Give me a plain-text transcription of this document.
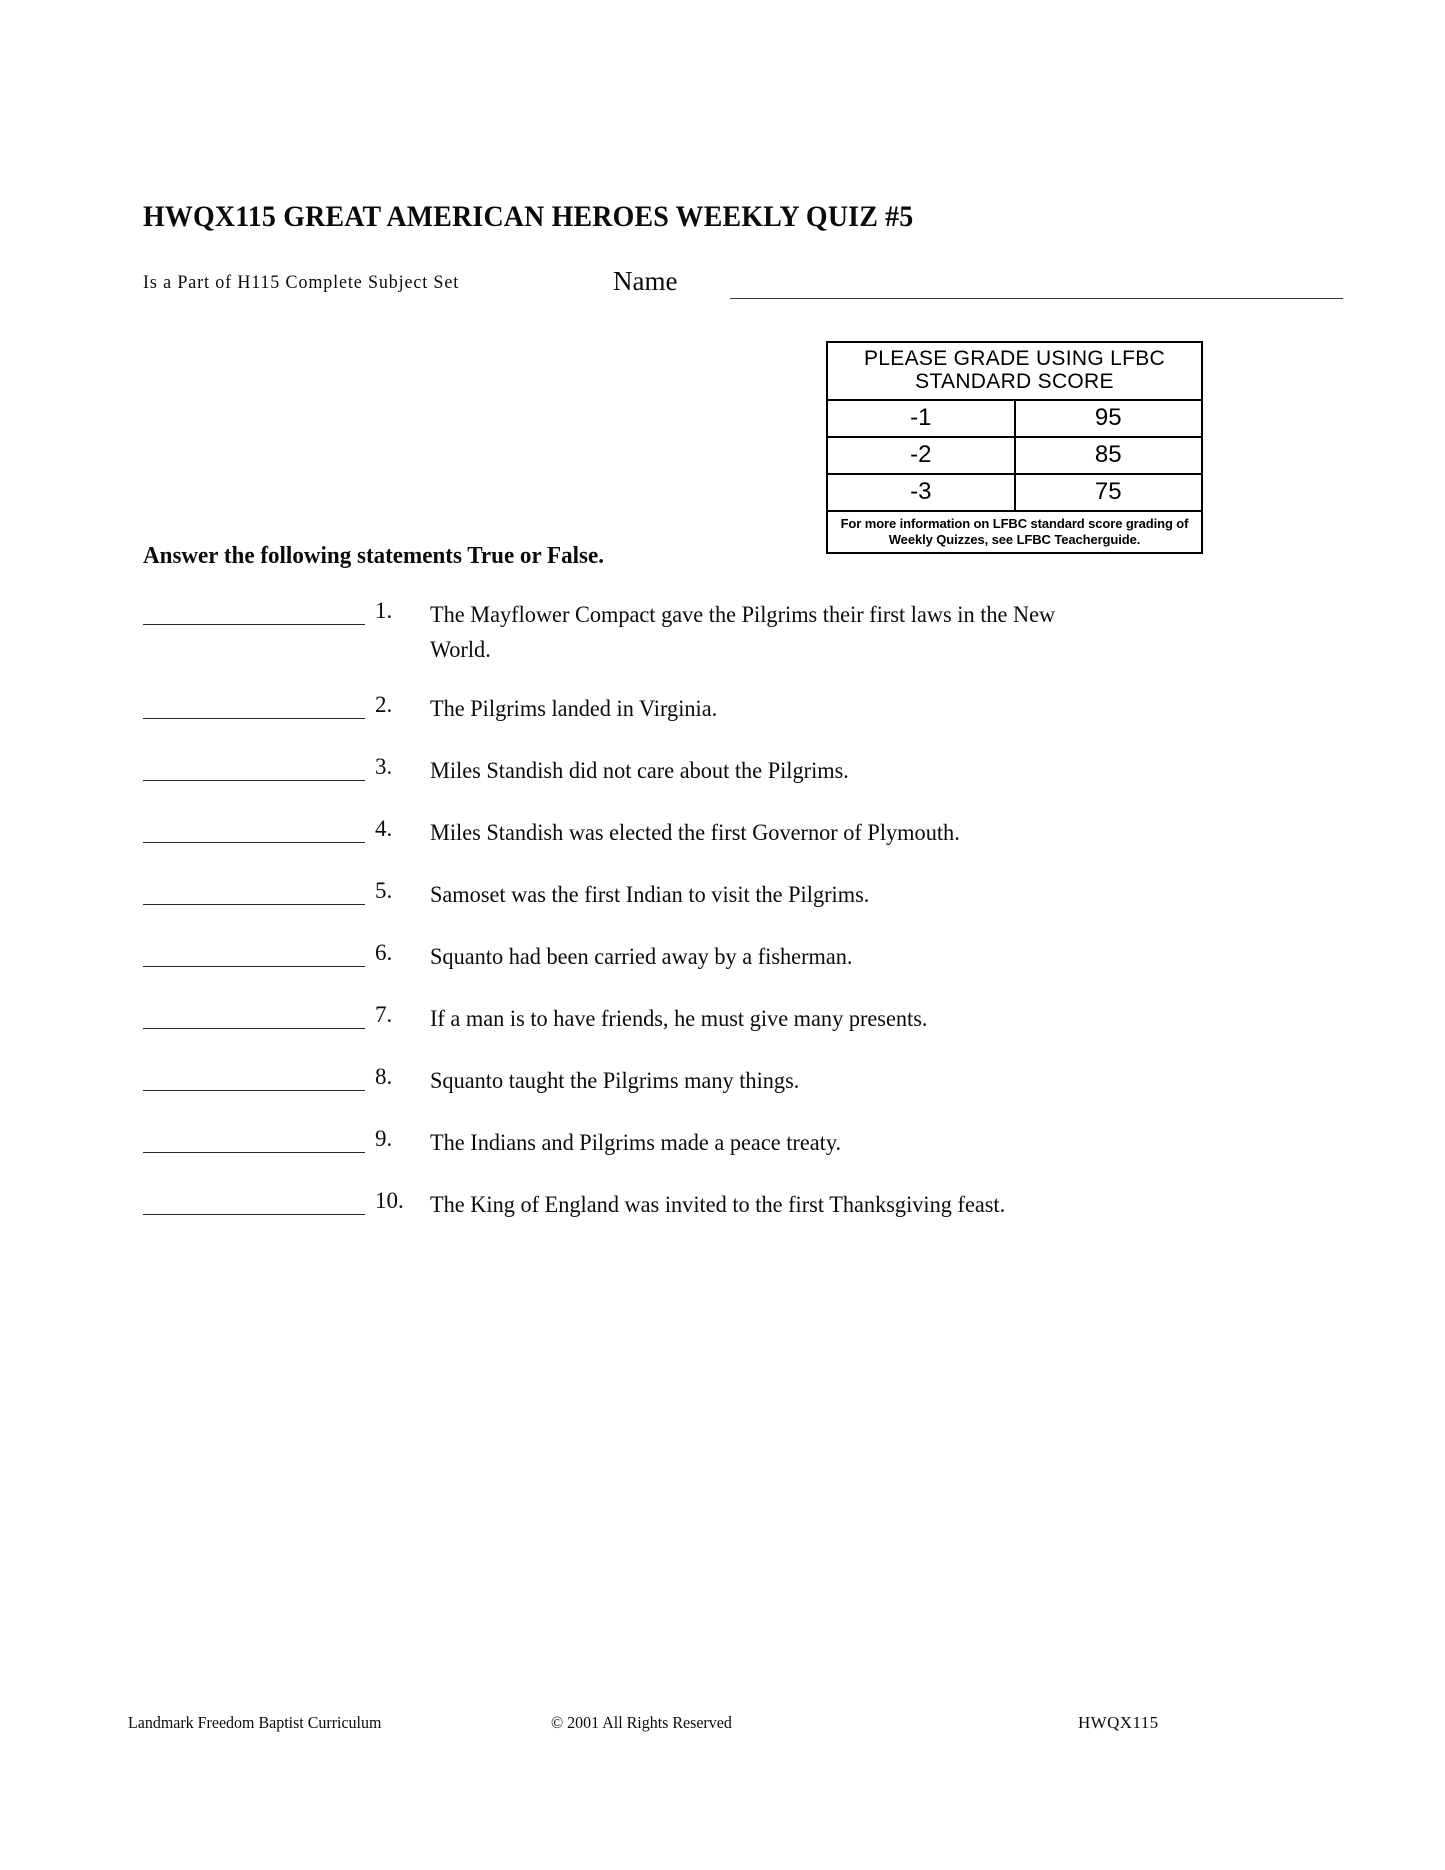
HWQX115 GREAT AMERICAN HEROES WEEKLY QUIZ #5
Is a Part of H115 Complete Subject Set	Name
PLEASE GRADE USING LFBC STANDARD SCORE	
-1	95
-2	85
-3	75
For more information on LFBC standard score grading of Weekly Quizzes, see LFBC Teacherguide.	
Answer the following statements True or False.
1.	The Mayflower Compact gave the Pilgrims their first laws in the New World.
2.	The Pilgrims landed in Virginia.
3.	Miles Standish did not care about the Pilgrims.
4.	Miles Standish was elected the first Governor of Plymouth.
5.	Samoset was the first Indian to visit the Pilgrims.
6.	Squanto had been carried away by a fisherman.
7.	If a man is to have friends, he must give many presents.
8.	Squanto taught the Pilgrims many things.
9.	The Indians and Pilgrims made a peace treaty.
10.	The King of England was invited to the first Thanksgiving feast.
Landmark Freedom Baptist Curriculum	© 2001 All Rights Reserved	HWQX115
